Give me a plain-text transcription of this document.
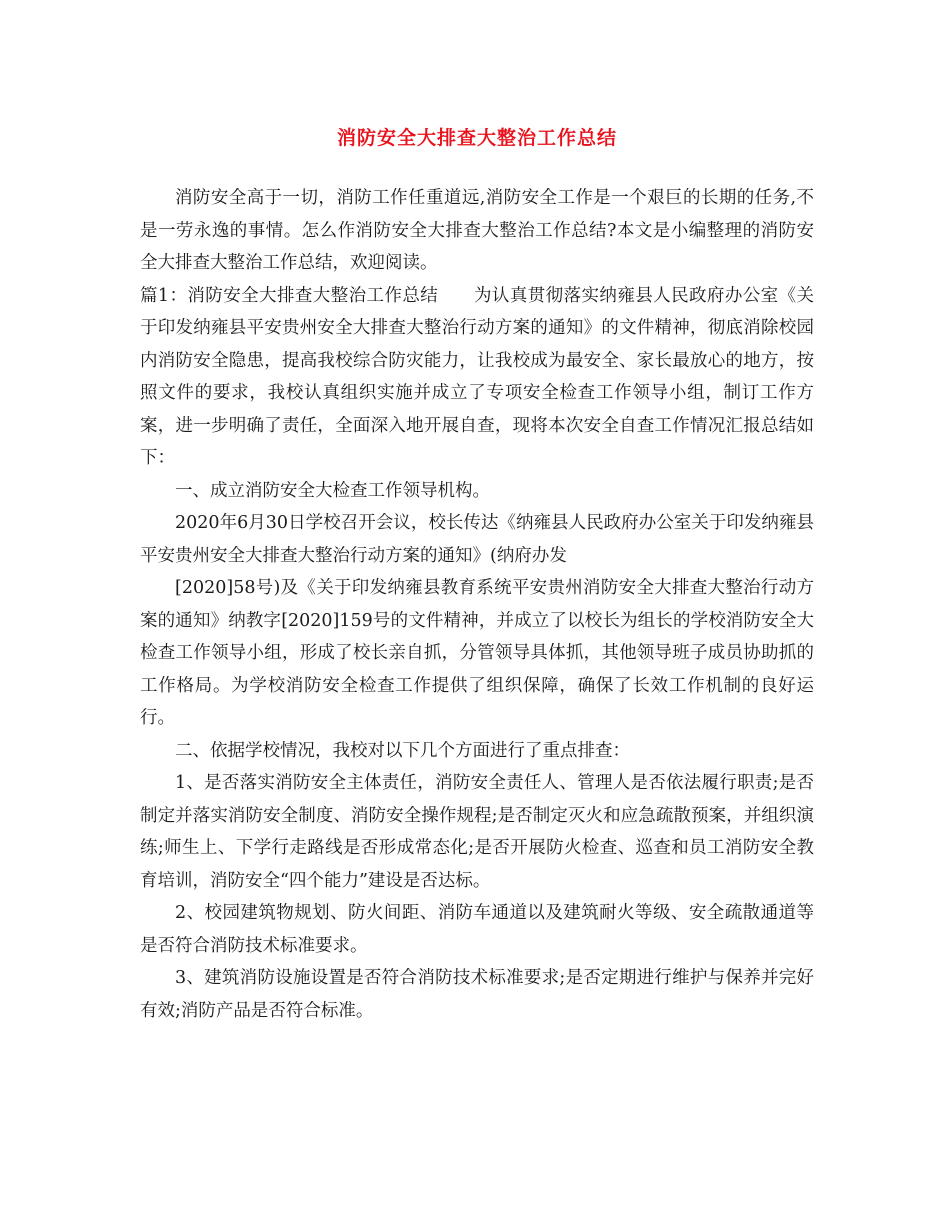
消防安全大排查大整治工作总结

消防安全高于一切，消防工作任重道远,消防安全工作是一个艰巨的长期的任务,不是一劳永逸的事情。怎么作消防安全大排查大整治工作总结?本文是小编整理的消防安全大排查大整治工作总结，欢迎阅读。

篇1：消防安全大排查大整治工作总结　　为认真贯彻落实纳雍县人民政府办公室《关于印发纳雍县平安贵州安全大排查大整治行动方案的通知》的文件精神，彻底消除校园内消防安全隐患，提高我校综合防灾能力，让我校成为最安全、家长最放心的地方，按照文件的要求，我校认真组织实施并成立了专项安全检查工作领导小组，制订工作方案，进一步明确了责任，全面深入地开展自查，现将本次安全自查工作情况汇报总结如下：

一、成立消防安全大检查工作领导机构。

2020年6月30日学校召开会议，校长传达《纳雍县人民政府办公室关于印发纳雍县平安贵州安全大排查大整治行动方案的通知》(纳府办发

[2020]58号)及《关于印发纳雍县教育系统平安贵州消防安全大排查大整治行动方案的通知》纳教字[2020]159号的文件精神，并成立了以校长为组长的学校消防安全大检查工作领导小组，形成了校长亲自抓，分管领导具体抓，其他领导班子成员协助抓的工作格局。为学校消防安全检查工作提供了组织保障，确保了长效工作机制的良好运行。

二、依据学校情况，我校对以下几个方面进行了重点排查：

1、是否落实消防安全主体责任，消防安全责任人、管理人是否依法履行职责;是否制定并落实消防安全制度、消防安全操作规程;是否制定灭火和应急疏散预案，并组织演练;师生上、下学行走路线是否形成常态化;是否开展防火检查、巡查和员工消防安全教育培训，消防安全“四个能力”建设是否达标。

2、校园建筑物规划、防火间距、消防车通道以及建筑耐火等级、安全疏散通道等是否符合消防技术标准要求。

3、建筑消防设施设置是否符合消防技术标准要求;是否定期进行维护与保养并完好有效;消防产品是否符合标准。
